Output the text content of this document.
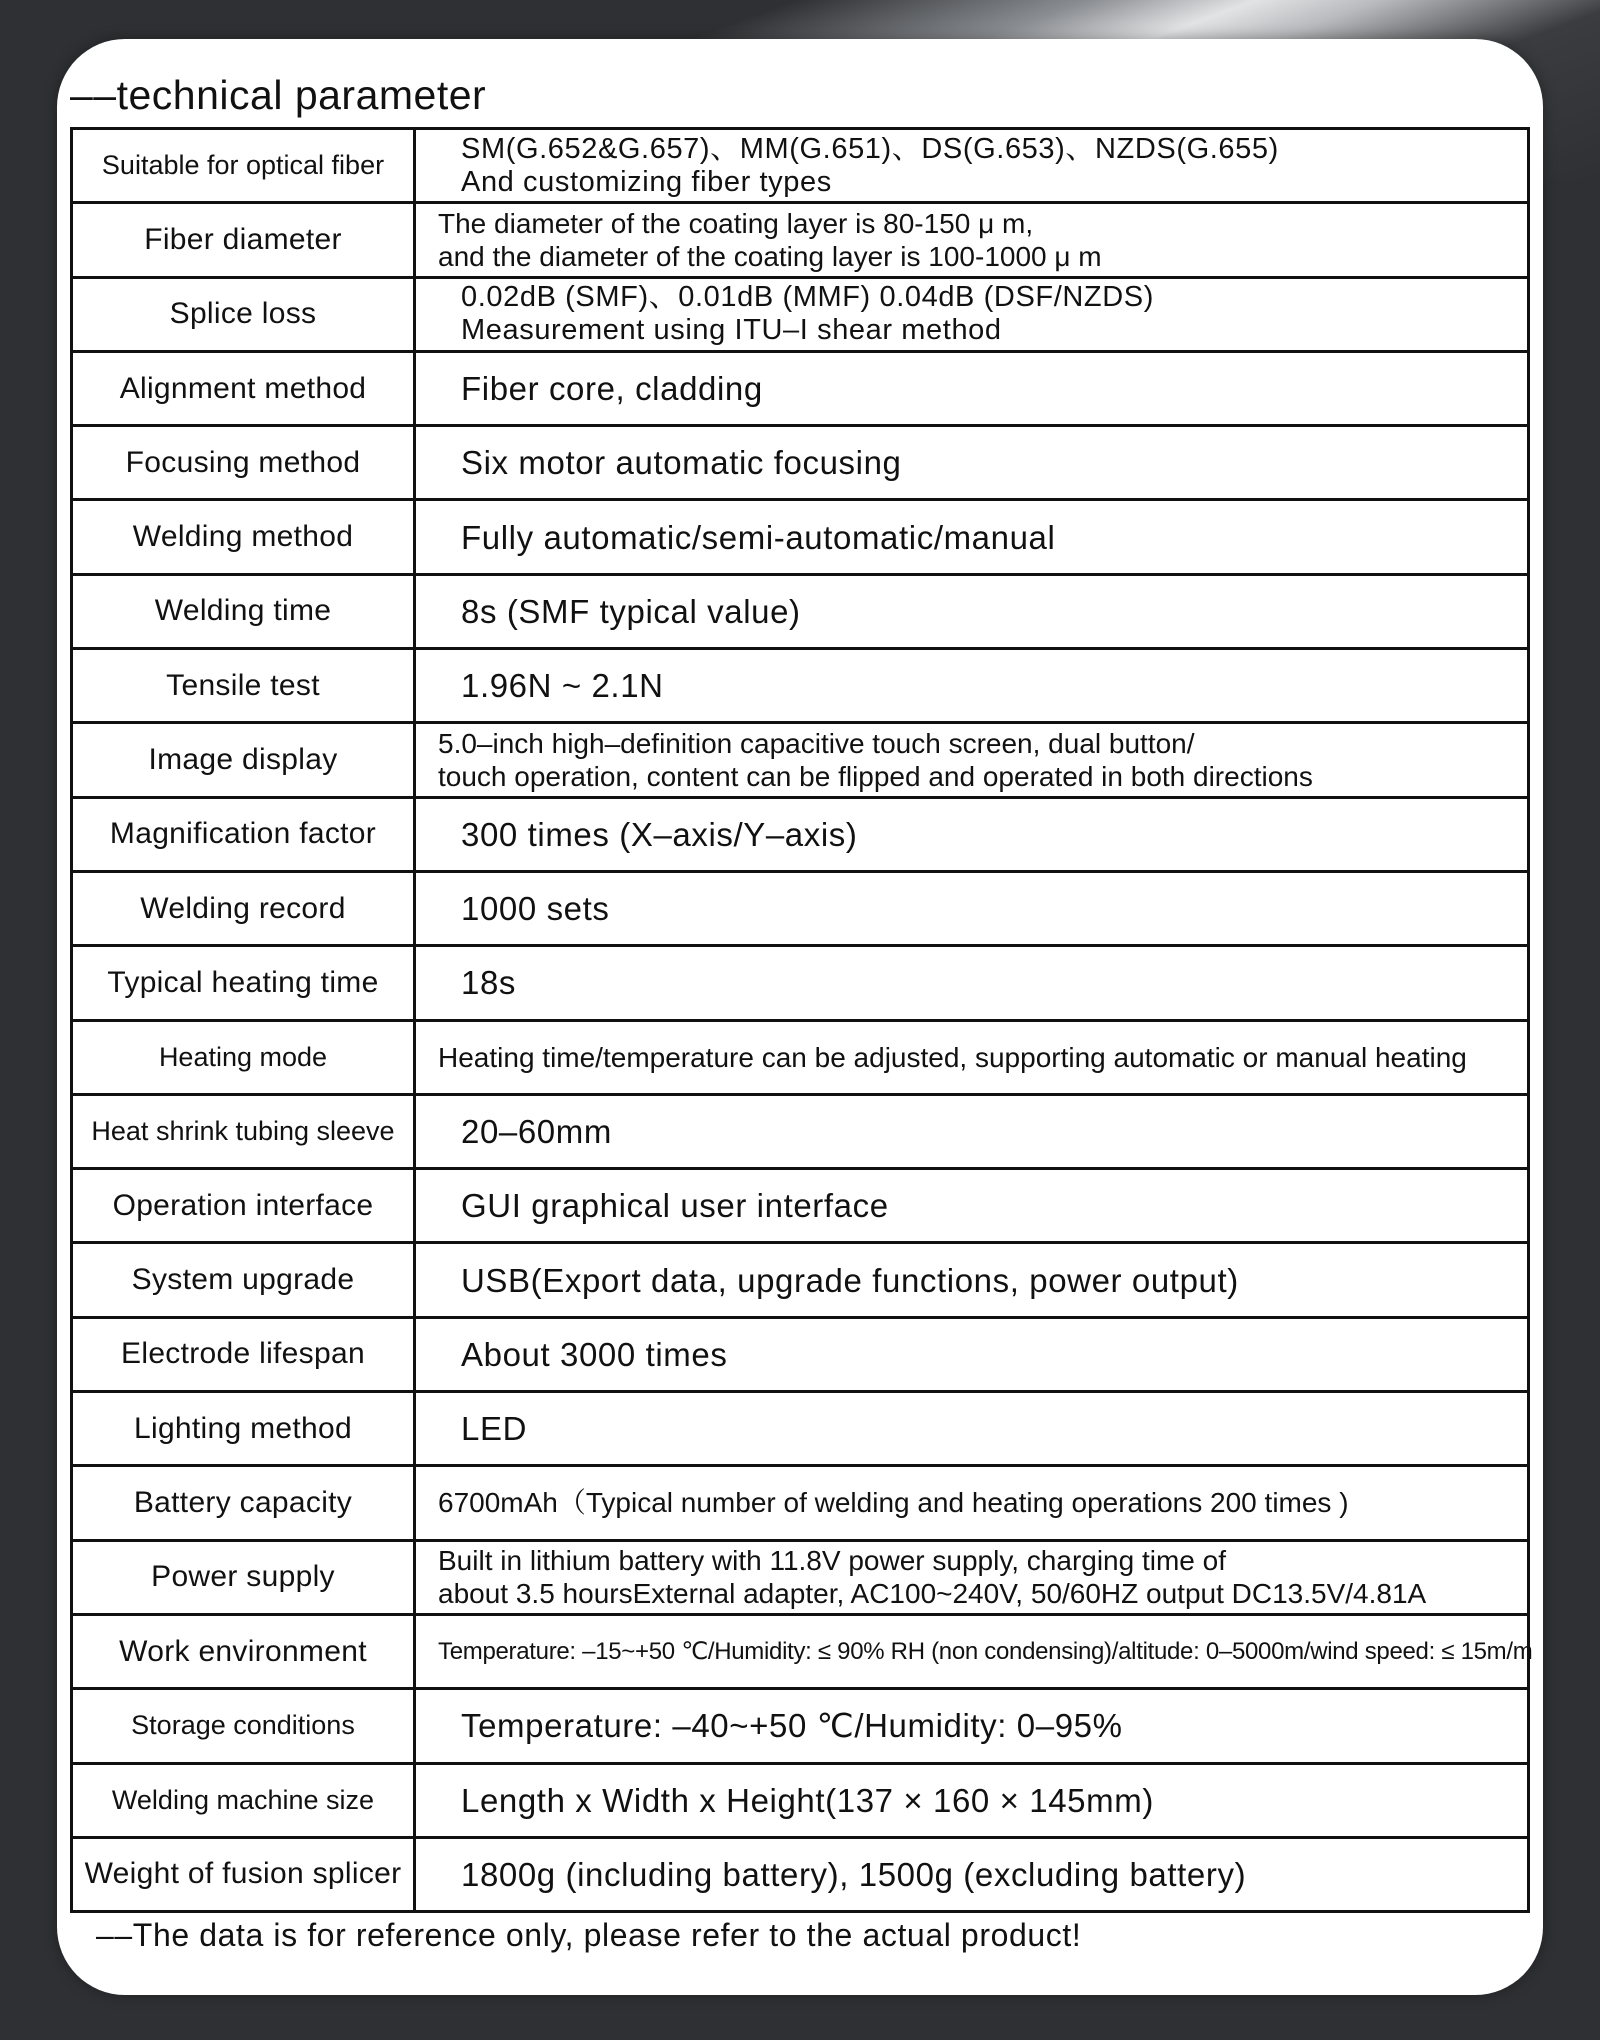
––technical parameter
Suitable for optical fiber	SM(G.652&G.657)、MM(G.651)、DS(G.653)、NZDS(G.655)
And customizing fiber types

Fiber diameter	The diameter of the coating layer is 80-150 μ m,
and the diameter of the coating layer is 100-1000 μ m

Splice loss	0.02dB (SMF)、0.01dB (MMF) 0.04dB (DSF/NZDS)
Measurement using ITU–I shear method

Alignment method	Fiber core, cladding

Focusing method	Six motor automatic focusing

Welding method	Fully automatic/semi-automatic/manual

Welding time	8s (SMF typical value)

Tensile test	1.96N ~ 2.1N

Image display	5.0–inch high–definition capacitive touch screen, dual button/
touch operation, content can be flipped and operated in both directions

Magnification factor	300 times (X–axis/Y–axis)

Welding record	1000 sets

Typical heating time	18s

Heating mode	Heating time/temperature can be adjusted, supporting automatic or manual heating

Heat shrink tubing sleeve	20–60mm

Operation interface	GUI graphical user interface

System upgrade	USB(Export data, upgrade functions, power output)

Electrode lifespan	About 3000 times

Lighting method	LED

Battery capacity	6700mAh（Typical number of welding and heating operations 200 times )

Power supply	Built in lithium battery with 11.8V power supply, charging time of
about 3.5 hoursExternal adapter, AC100~240V, 50/60HZ output DC13.5V/4.81A

Work environment	Temperature: –15~+50 ℃/Humidity: ≤ 90% RH (non condensing)/altitude: 0–5000m/wind speed: ≤ 15m/m

Storage conditions	Temperature: –40~+50 ℃/Humidity: 0–95%

Welding machine size	Length x Width x Height(137 × 160 × 145mm)

Weight of fusion splicer	1800g (including battery), 1500g (excluding battery)

––The data is for reference only, please refer to the actual product!
